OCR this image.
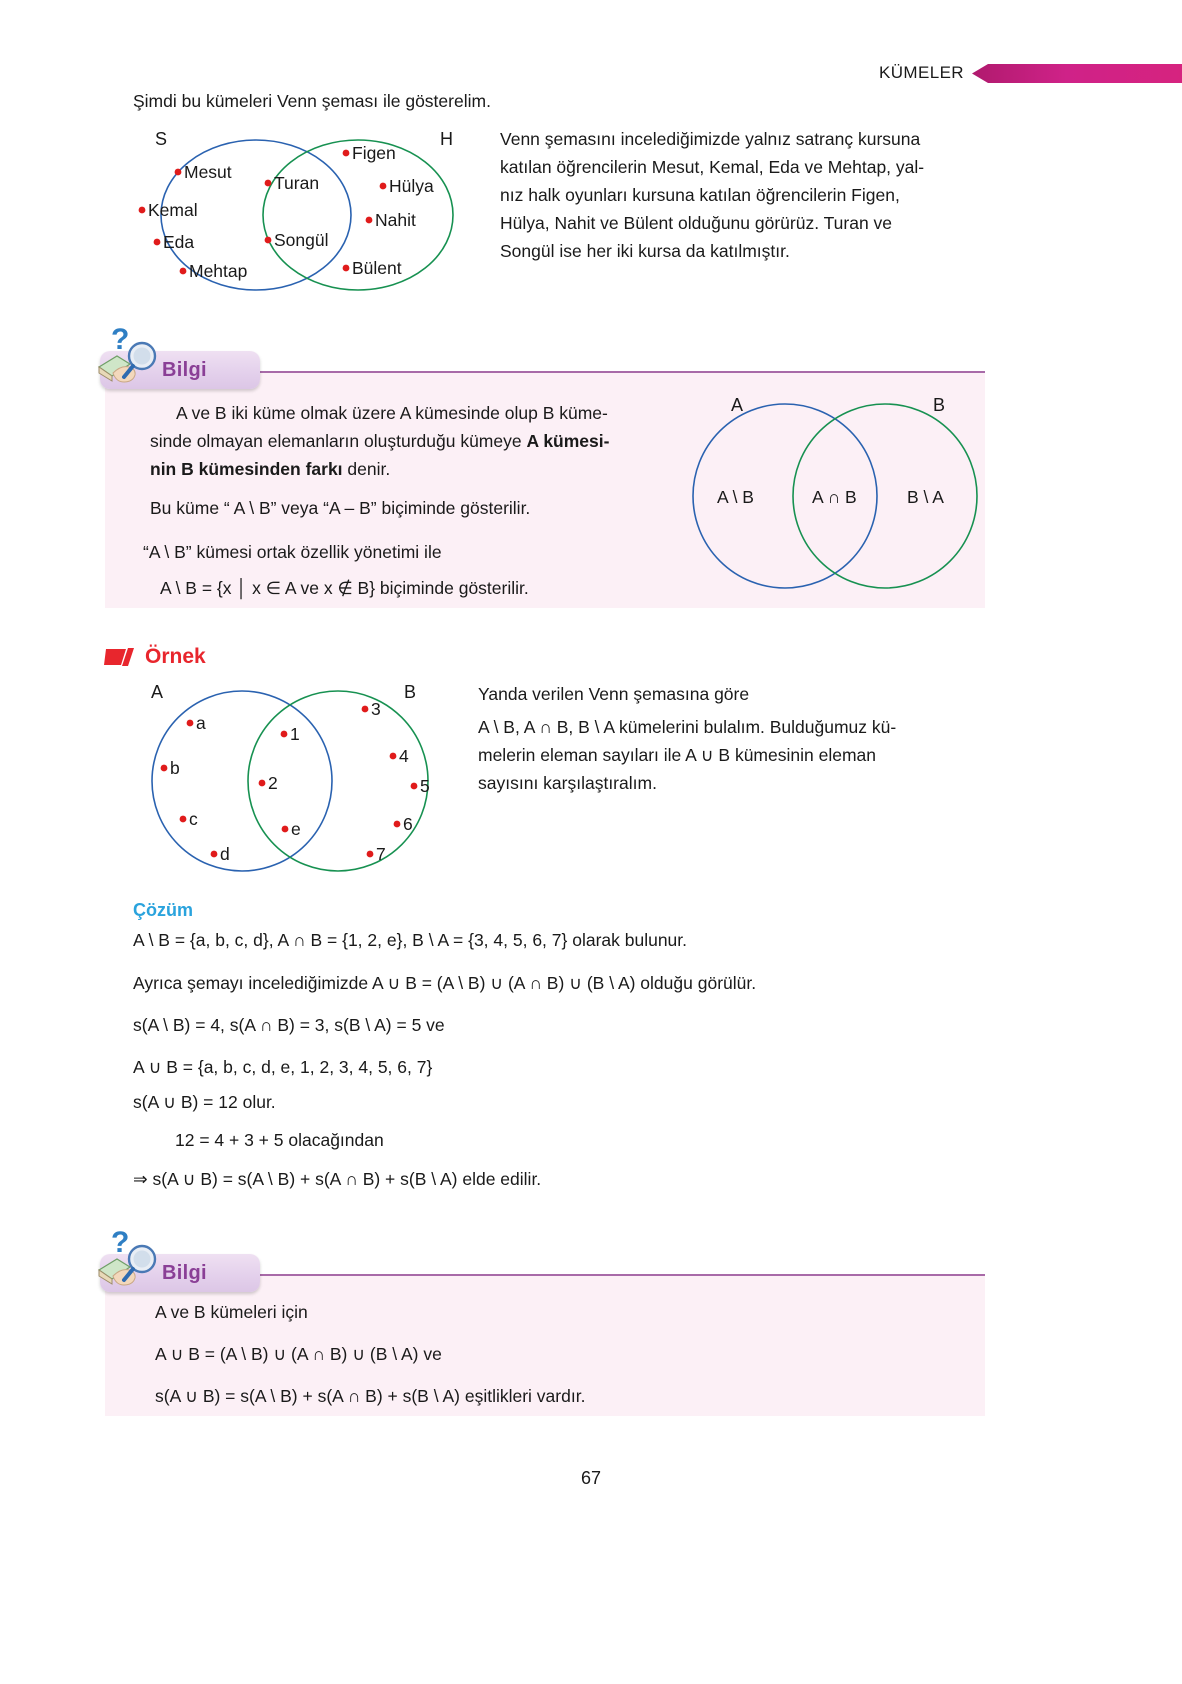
KÜMELER
Şimdi bu kümeleri Venn şeması ile gösterelim.
S	H
Mesut
Kemal
Eda
Mehtap
Turan
Songül
Figen
Hülya
Nahit
Bülent
Venn şemasını incelediğimizde yalnız satranç kursuna
katılan öğrencilerin Mesut, Kemal, Eda ve Mehtap, yal-
nız halk oyunları kursuna katılan öğrencilerin Figen,
Hülya, Nahit ve Bülent olduğunu görürüz. Turan ve
Songül ise her iki kursa da katılmıştır.
Bilgi
?
A ve B iki küme olmak üzere A kümesinde olup B küme-
sinde olmayan elemanların oluşturduğu kümeye A kümesi-
nin B kümesinden farkı denir.
Bu küme “ A \ B” veya “A – B” biçiminde gösterilir.
“A \ B” kümesi ortak özellik yönetimi ile
A \ B = {x │ x ∈ A ve x ∉ B} biçiminde gösterilir.
A	B
A \ B	A ∩ B	B \ A
Örnek
A	B
a
b
c
d
1
2
e
3
4
5
6
7
Yanda verilen Venn şemasına göre
A \ B, A ∩ B, B \ A kümelerini bulalım. Bulduğumuz kü-
melerin eleman sayıları ile A ∪ B kümesinin eleman
sayısını karşılaştıralım.
Çözüm
A \ B = {a, b, c, d}, A ∩ B = {1, 2, e}, B \ A = {3, 4, 5, 6, 7} olarak bulunur.
Ayrıca şemayı incelediğimizde A ∪ B = (A \ B) ∪ (A ∩ B) ∪ (B \ A) olduğu görülür.
s(A \ B) = 4, s(A ∩ B) = 3, s(B \ A) = 5 ve
A ∪ B = {a, b, c, d, e, 1, 2, 3, 4, 5, 6, 7}
s(A ∪ B) = 12 olur.
12 = 4 + 3 + 5 olacağından
⇒ s(A ∪ B) = s(A \ B) + s(A ∩ B) + s(B \ A) elde edilir.
Bilgi
?
A ve B kümeleri için
A ∪ B = (A \ B) ∪ (A ∩ B) ∪ (B \ A) ve
s(A ∪ B) = s(A \ B) + s(A ∩ B) + s(B \ A) eşitlikleri vardır.
67
